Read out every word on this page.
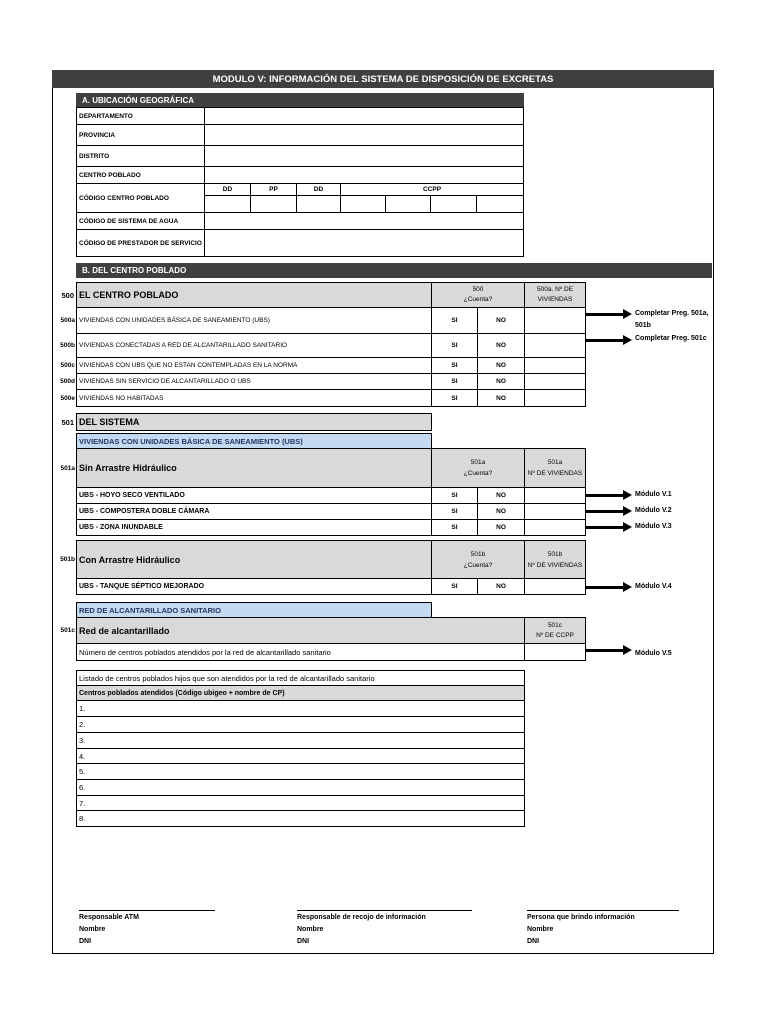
MODULO V: INFORMACIÓN DEL SISTEMA DE DISPOSICIÓN DE EXCRETAS
A. UBICACIÓN GEOGRÁFICA
DEPARTAMENTO
PROVINCIA
DISTRITO
CENTRO POBLADO
CÓDIGO CENTRO POBLADO
DD	PP	DD	CCPP
CÓDIGO DE SISTEMA DE AGUA
CÓDIGO DE PRESTADOR DE SERVICIO
B. DEL CENTRO POBLADO
500 EL CENTRO POBLADO
500
¿Cuenta?
500a. Nº DE VIVIENDAS
500a VIVIENDAS CON UNIDADES BÁSICA DE SANEAMIENTO (UBS)	SI	NO
500b VIVIENDAS CONECTADAS A RED DE ALCANTARILLADO SANITARIO	SI	NO
500c VIVIENDAS CON UBS QUE NO ESTAN CONTEMPLADAS EN LA NORMA	SI	NO
500d VIVIENDAS SIN SERVICIO DE ALCANTARILLADO O UBS	SI	NO
500e VIVIENDAS NO HABITADAS	SI	NO
Completar Preg. 501a, 501b
Completar Preg. 501c
501 DEL SISTEMA
VIVIENDAS CON UNIDADES BÁSICA DE SANEAMIENTO (UBS)
501a Sin Arrastre Hidráulico
501a
¿Cuenta?
501a
Nº DE VIVIENDAS
UBS - HOYO SECO VENTILADO	SI	NO
UBS - COMPOSTERA DOBLE CÁMARA	SI	NO
UBS - ZONA INUNDABLE	SI	NO
Módulo V.1
Módulo V.2
Módulo V.3
501b Con Arrastre Hidráulico
501b
¿Cuenta?
501b
Nº DE VIVIENDAS
UBS - TANQUE SÉPTICO MEJORADO	SI	NO	Módulo V.4
RED DE ALCANTARILLADO SANITARIO
501c Red de alcantarillado
501c
Nº DE CCPP
Número de centros poblados atendidos por la red de alcantarillado sanitario	Módulo V.5
Listado de centros poblados hijos que son atendidos por la red de alcantarillado sanitario
Centros poblados atendidos (Código ubigeo + nombre de CP)
1.
2.
3.
4.
5.
6.
7.
8.
Responsable ATM
Nombre
DNI
Responsable de recojo de información
Nombre
DNI
Persona que brindo información
Nombre
DNI
